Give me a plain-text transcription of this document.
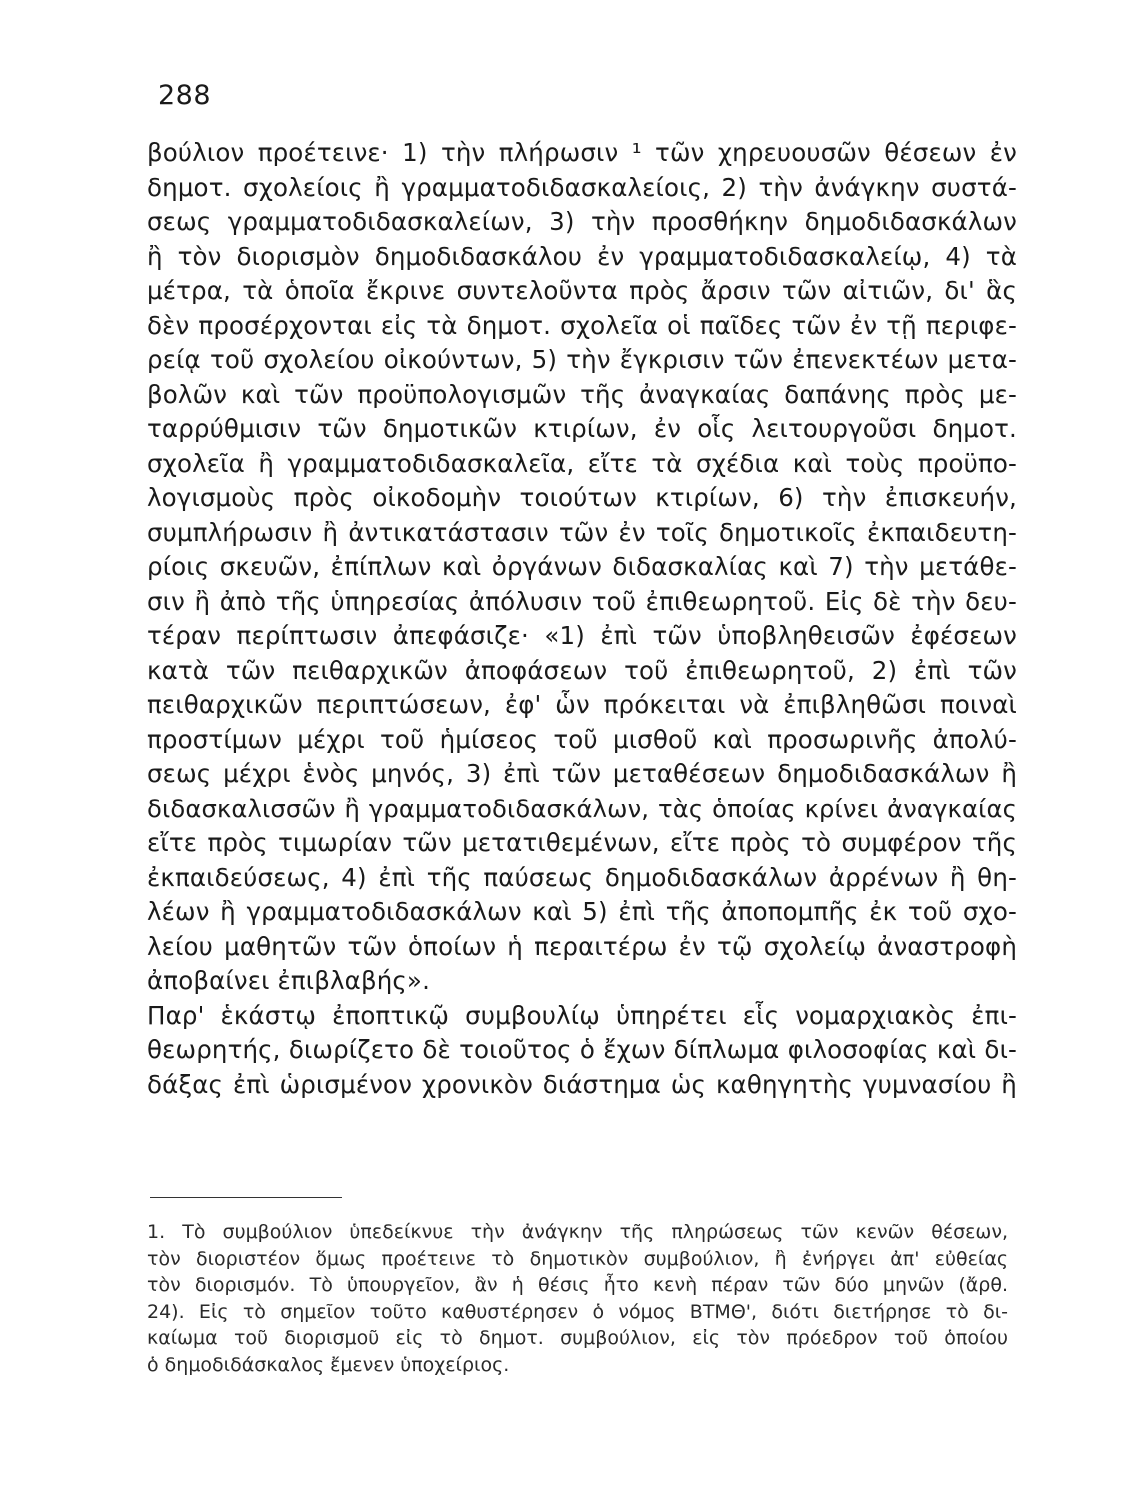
288
βούλιον προέτεινε· 1) τὴν πλήρωσιν ¹ τῶν χηρευουσῶν θέσεων ἐν
δημοτ. σχολείοις ἢ γραμματοδιδασκαλείοις, 2) τὴν ἀνάγκην συστά-
σεως γραμματοδιδασκαλείων, 3) τὴν προσθήκην δημοδιδασκάλων
ἢ τὸν διορισμὸν δημοδιδασκάλου ἐν γραμματοδιδασκαλείῳ, 4) τὰ
μέτρα, τὰ ὁποῖα ἔκρινε συντελοῦντα πρὸς ἄρσιν τῶν αἰτιῶν, δι' ἃς
δὲν προσέρχονται εἰς τὰ δημοτ. σχολεῖα οἱ παῖδες τῶν ἐν τῇ περιφε-
ρείᾳ τοῦ σχολείου οἰκούντων, 5) τὴν ἔγκρισιν τῶν ἐπενεκτέων μετα-
βολῶν καὶ τῶν προϋπολογισμῶν τῆς ἀναγκαίας δαπάνης πρὸς με-
ταρρύθμισιν τῶν δημοτικῶν κτιρίων, ἐν οἷς λειτουργοῦσι δημοτ.
σχολεῖα ἢ γραμματοδιδασκαλεῖα, εἴτε τὰ σχέδια καὶ τοὺς προϋπο-
λογισμοὺς πρὸς οἰκοδομὴν τοιούτων κτιρίων, 6) τὴν ἐπισκευήν,
συμπλήρωσιν ἢ ἀντικατάστασιν τῶν ἐν τοῖς δημοτικοῖς ἐκπαιδευτη-
ρίοις σκευῶν, ἐπίπλων καὶ ὀργάνων διδασκαλίας καὶ 7) τὴν μετάθε-
σιν ἢ ἀπὸ τῆς ὑπηρεσίας ἀπόλυσιν τοῦ ἐπιθεωρητοῦ. Εἰς δὲ τὴν δευ-
τέραν περίπτωσιν ἀπεφάσιζε· «1) ἐπὶ τῶν ὑποβληθεισῶν ἐφέσεων
κατὰ τῶν πειθαρχικῶν ἀποφάσεων τοῦ ἐπιθεωρητοῦ, 2) ἐπὶ τῶν
πειθαρχικῶν περιπτώσεων, ἐφ' ὧν πρόκειται νὰ ἐπιβληθῶσι ποιναὶ
προστίμων μέχρι τοῦ ἡμίσεος τοῦ μισθοῦ καὶ προσωρινῆς ἀπολύ-
σεως μέχρι ἑνὸς μηνός, 3) ἐπὶ τῶν μεταθέσεων δημοδιδασκάλων ἢ
διδασκαλισσῶν ἢ γραμματοδιδασκάλων, τὰς ὁποίας κρίνει ἀναγκαίας
εἴτε πρὸς τιμωρίαν τῶν μετατιθεμένων, εἴτε πρὸς τὸ συμφέρον τῆς
ἐκπαιδεύσεως, 4) ἐπὶ τῆς παύσεως δημοδιδασκάλων ἀρρένων ἢ θη-
λέων ἢ γραμματοδιδασκάλων καὶ 5) ἐπὶ τῆς ἀποπομπῆς ἐκ τοῦ σχο-
λείου μαθητῶν τῶν ὁποίων ἡ περαιτέρω ἐν τῷ σχολείῳ ἀναστροφὴ
ἀποβαίνει ἐπιβλαβής».
Παρ' ἑκάστῳ ἐποπτικῷ συμβουλίῳ ὑπηρέτει εἷς νομαρχιακὸς ἐπι-
θεωρητής, διωρίζετο δὲ τοιοῦτος ὁ ἔχων δίπλωμα φιλοσοφίας καὶ δι-
δάξας ἐπὶ ὡρισμένον χρονικὸν διάστημα ὡς καθηγητὴς γυμνασίου ἢ
1. Τὸ συμβούλιον ὑπεδείκνυε τὴν ἀνάγκην τῆς πληρώσεως τῶν κενῶν θέσεων,
τὸν διοριστέον ὅμως προέτεινε τὸ δημοτικὸν συμβούλιον, ἢ ἐνήργει ἀπ' εὐθείας
τὸν διορισμόν. Τὸ ὑπουργεῖον, ἂν ἡ θέσις ἦτο κενὴ πέραν τῶν δύο μηνῶν (ἄρθ.
24). Εἰς τὸ σημεῖον τοῦτο καθυστέρησεν ὁ νόμος ΒΤΜΘ', διότι διετήρησε τὸ δι-
καίωμα τοῦ διορισμοῦ εἰς τὸ δημοτ. συμβούλιον, εἰς τὸν πρόεδρον τοῦ ὁποίου
ὁ δημοδιδάσκαλος ἔμενεν ὑποχείριος.
